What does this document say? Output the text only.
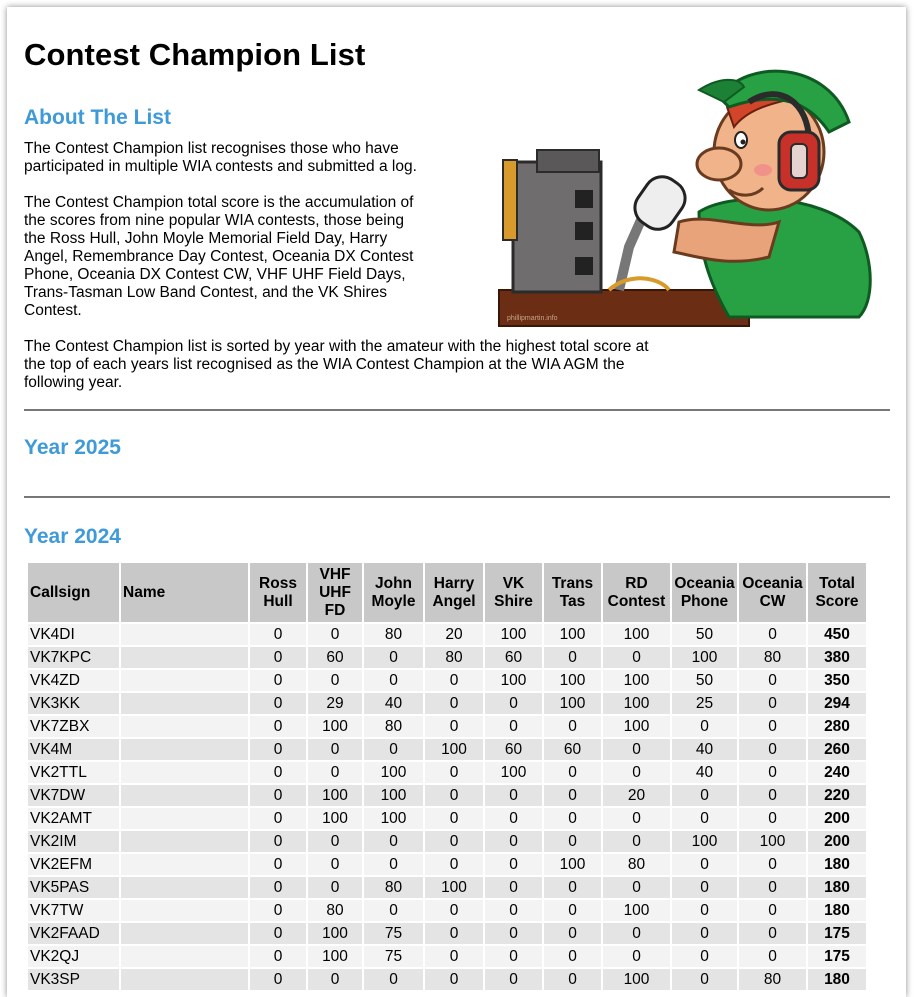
Contest Champion List
About The List

The Contest Champion list recognises those who have participated in multiple WIA contests and submitted a log.

The Contest Champion total score is the accumulation of the scores from nine popular WIA contests, those being the Ross Hull, John Moyle Memorial Field Day, Harry Angel, Remembrance Day Contest, Oceania DX Contest Phone, Oceania DX Contest CW, VHF UHF Field Days, Trans-Tasman Low Band Contest, and the VK Shires Contest.

The Contest Champion list is sorted by year with the amateur with the highest total score at the top of each years list recognised as the WIA Contest Champion at the WIA AGM the following year.

phillipmartin.info
Year 2025
Year 2024
Callsign	Name	Ross Hull	VHF UHF FD	John Moyle	Harry Angel	VK Shire	Trans Tas	RD Contest	Oceania Phone	Oceania CW	Total Score
VK4DI		0	0	80	20	100	100	100	50	0	450
VK7KPC		0	60	0	80	60	0	0	100	80	380
VK4ZD		0	0	0	0	100	100	100	50	0	350
VK3KK		0	29	40	0	0	100	100	25	0	294
VK7ZBX		0	100	80	0	0	0	100	0	0	280
VK4M		0	0	0	100	60	60	0	40	0	260
VK2TTL		0	0	100	0	100	0	0	40	0	240
VK7DW		0	100	100	0	0	0	20	0	0	220
VK2AMT		0	100	100	0	0	0	0	0	0	200
VK2IM		0	0	0	0	0	0	0	100	100	200
VK2EFM		0	0	0	0	0	100	80	0	0	180
VK5PAS		0	0	80	100	0	0	0	0	0	180
VK7TW		0	80	0	0	0	0	100	0	0	180
VK2FAAD		0	100	75	0	0	0	0	0	0	175
VK2QJ		0	100	75	0	0	0	0	0	0	175
VK3SP		0	0	0	0	0	0	100	0	80	180
